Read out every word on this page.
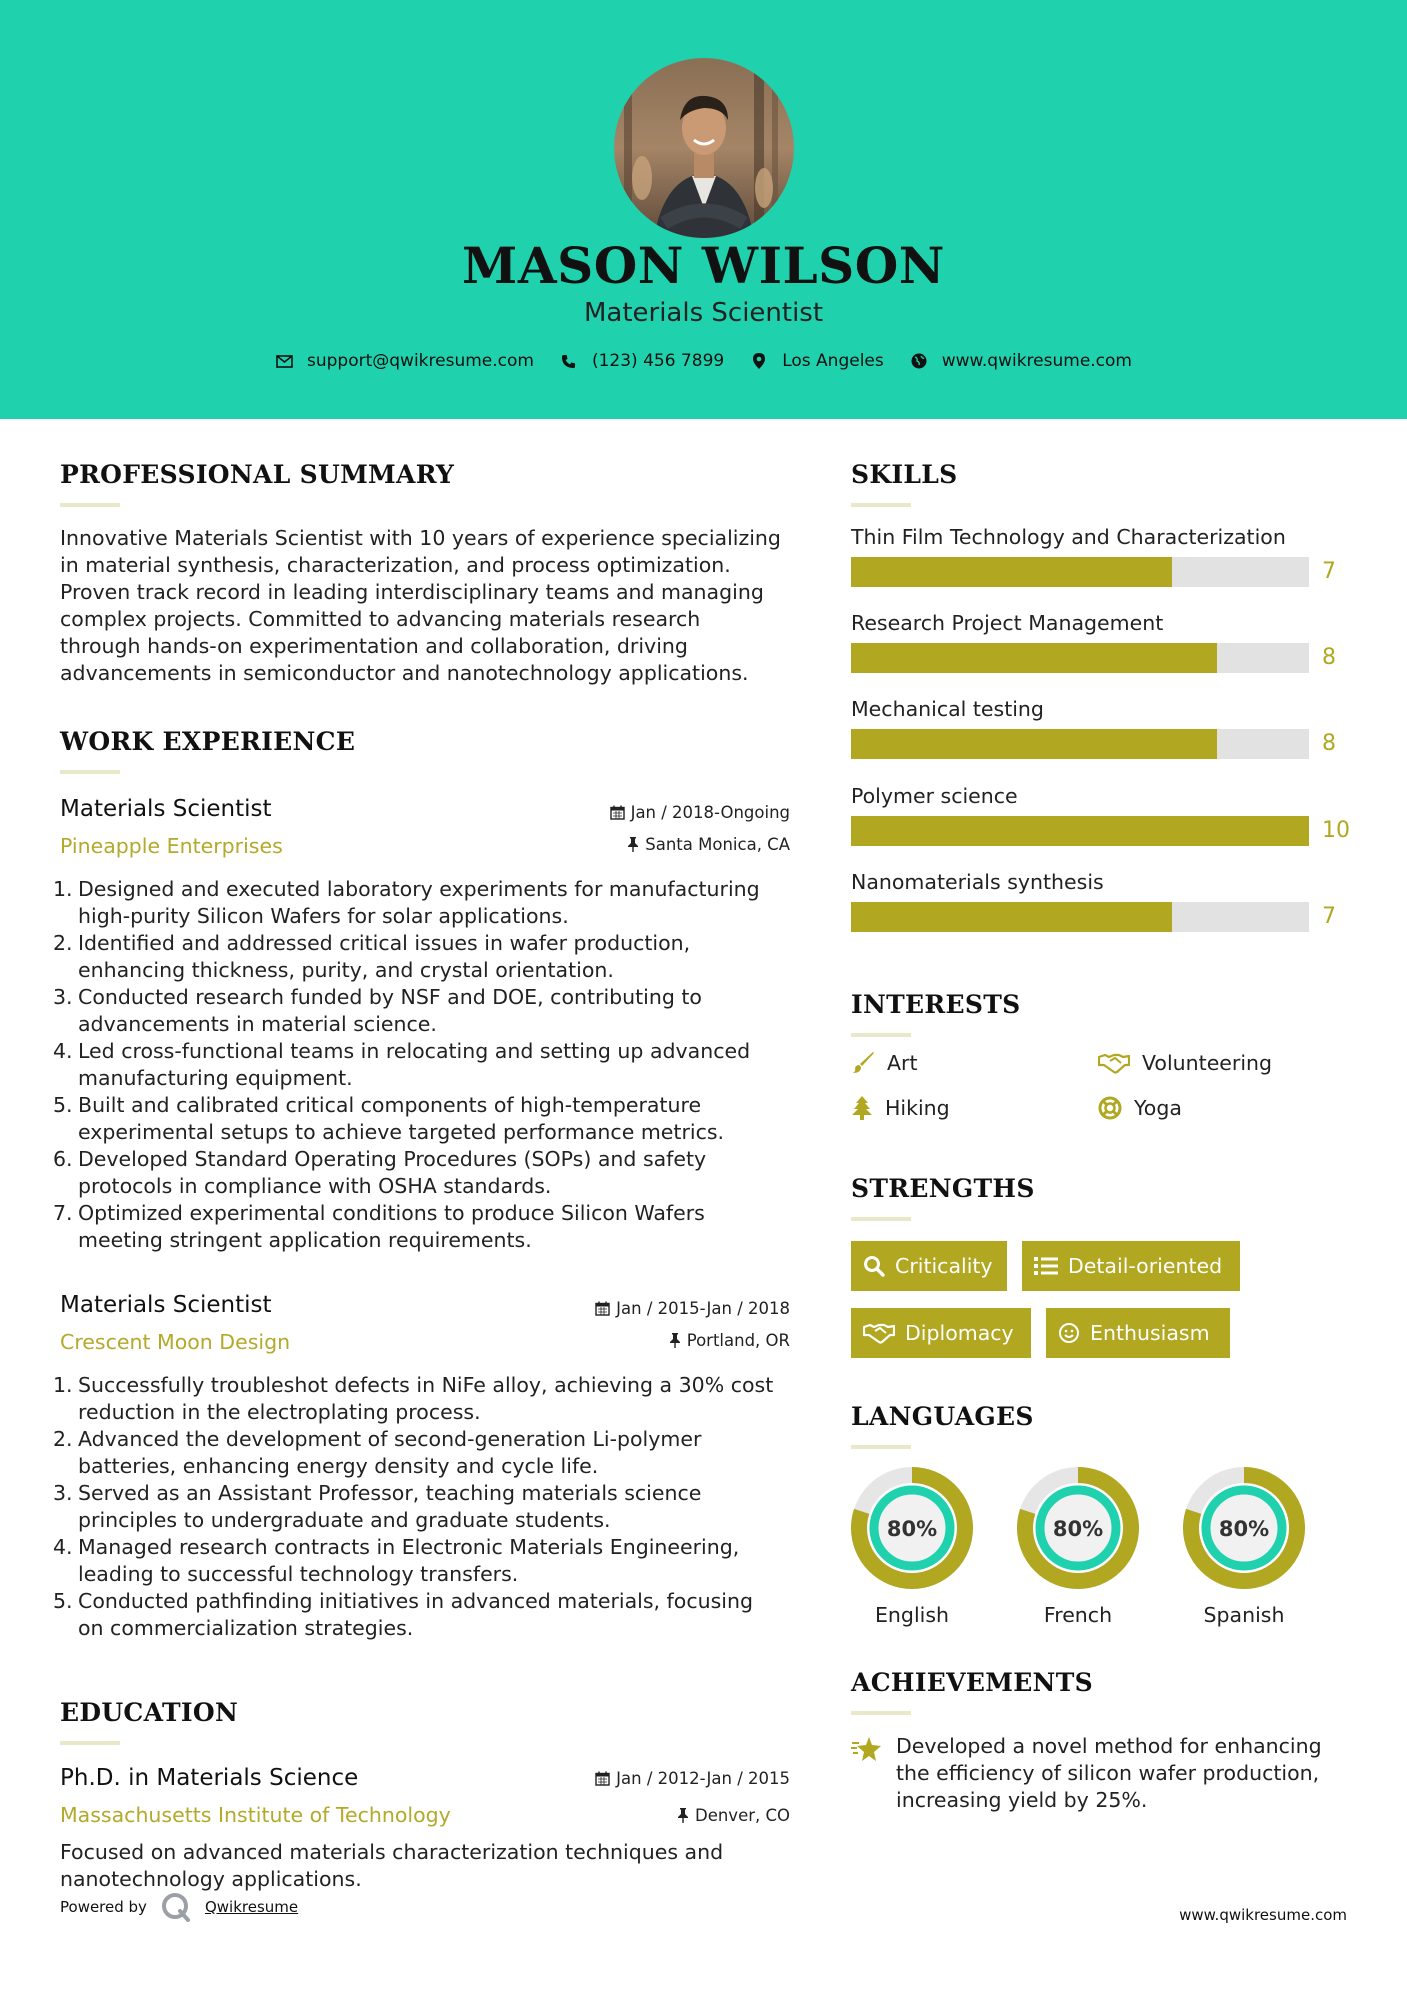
MASON WILSON
Materials Scientist
support@qwikresume.com	(123) 456 7899	Los Angeles	www.qwikresume.com
PROFESSIONAL SUMMARY
Innovative Materials Scientist with 10 years of experience specializing
in material synthesis, characterization, and process optimization.
Proven track record in leading interdisciplinary teams and managing
complex projects. Committed to advancing materials research
through hands-on experimentation and collaboration, driving
advancements in semiconductor and nanotechnology applications.
WORK EXPERIENCE
Materials Scientist
Pineapple Enterprises
Jan / 2018-Ongoing
Santa Monica, CA
1. Designed and executed laboratory experiments for manufacturing
high-purity Silicon Wafers for solar applications.
2. Identified and addressed critical issues in wafer production,
enhancing thickness, purity, and crystal orientation.
3. Conducted research funded by NSF and DOE, contributing to
advancements in material science.
4. Led cross-functional teams in relocating and setting up advanced
manufacturing equipment.
5. Built and calibrated critical components of high-temperature
experimental setups to achieve targeted performance metrics.
6. Developed Standard Operating Procedures (SOPs) and safety
protocols in compliance with OSHA standards.
7. Optimized experimental conditions to produce Silicon Wafers
meeting stringent application requirements.
Materials Scientist
Crescent Moon Design
Jan / 2015-Jan / 2018
Portland, OR
1. Successfully troubleshot defects in NiFe alloy, achieving a 30% cost
reduction in the electroplating process.
2. Advanced the development of second-generation Li-polymer
batteries, enhancing energy density and cycle life.
3. Served as an Assistant Professor, teaching materials science
principles to undergraduate and graduate students.
4. Managed research contracts in Electronic Materials Engineering,
leading to successful technology transfers.
5. Conducted pathfinding initiatives in advanced materials, focusing
on commercialization strategies.
EDUCATION
Ph.D. in Materials Science
Massachusetts Institute of Technology
Jan / 2012-Jan / 2015
Denver, CO
Focused on advanced materials characterization techniques and
nanotechnology applications.
SKILLS
Thin Film Technology and Characterization
7
Research Project Management
8
Mechanical testing
8
Polymer science
10
Nanomaterials synthesis
7
INTERESTS
Art	Volunteering
Hiking	Yoga
STRENGTHS
Criticality	Detail-oriented
Diplomacy	Enthusiasm
LANGUAGES
80%
English
80%
French
80%
Spanish
ACHIEVEMENTS
Developed a novel method for enhancing
the efficiency of silicon wafer production,
increasing yield by 25%.
Powered by	Qwikresume	www.qwikresume.com
